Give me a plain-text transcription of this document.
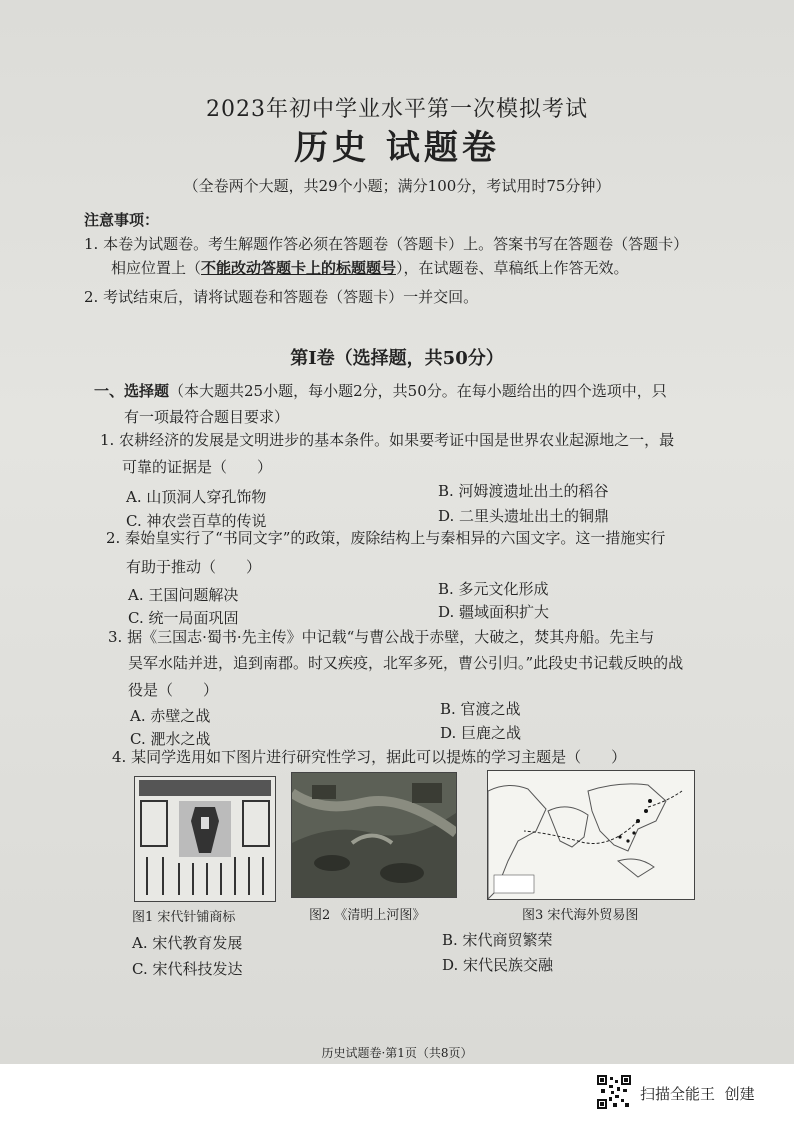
2023年初中学业水平第一次模拟考试
历史 试题卷
（全卷两个大题，共29个小题；满分100分，考试用时75分钟）
注意事项：
1. 本卷为试题卷。考生解题作答必须在答题卷（答题卡）上。答案书写在答题卷（答题卡）
相应位置上（不能改动答题卡上的标题题号），在试题卷、草稿纸上作答无效。
2. 考试结束后，请将试题卷和答题卷（答题卡）一并交回。
第Ⅰ卷（选择题，共50分）
一、选择题（本大题共25小题，每小题2分，共50分。在每小题给出的四个选项中，只
有一项最符合题目要求）
1. 农耕经济的发展是文明进步的基本条件。如果要考证中国是世界农业起源地之一，最
可靠的证据是（　　）
A. 山顶洞人穿孔饰物	B. 河姆渡遗址出土的稻谷
C. 神农尝百草的传说	D. 二里头遗址出土的铜鼎
2. 秦始皇实行了“书同文字”的政策，废除结构上与秦相异的六国文字。这一措施实行
有助于推动（　　）
A. 王国问题解决	B. 多元文化形成
C. 统一局面巩固	D. 疆域面积扩大
3. 据《三国志·蜀书·先主传》中记载“与曹公战于赤壁，大破之，焚其舟船。先主与
吴军水陆并进，追到南郡。时又疾疫，北军多死，曹公引归。”此段史书记载反映的战
役是（　　）
A. 赤壁之战	B. 官渡之战
C. 淝水之战	D. 巨鹿之战
4. 某同学选用如下图片进行研究性学习，据此可以提炼的学习主题是（　　）
图1 宋代针铺商标	图2 《清明上河图》	图3 宋代海外贸易图
A. 宋代教育发展	B. 宋代商贸繁荣
C. 宋代科技发达	D. 宋代民族交融
历史试题卷·第1页（共8页）
扫描全能王 创建
